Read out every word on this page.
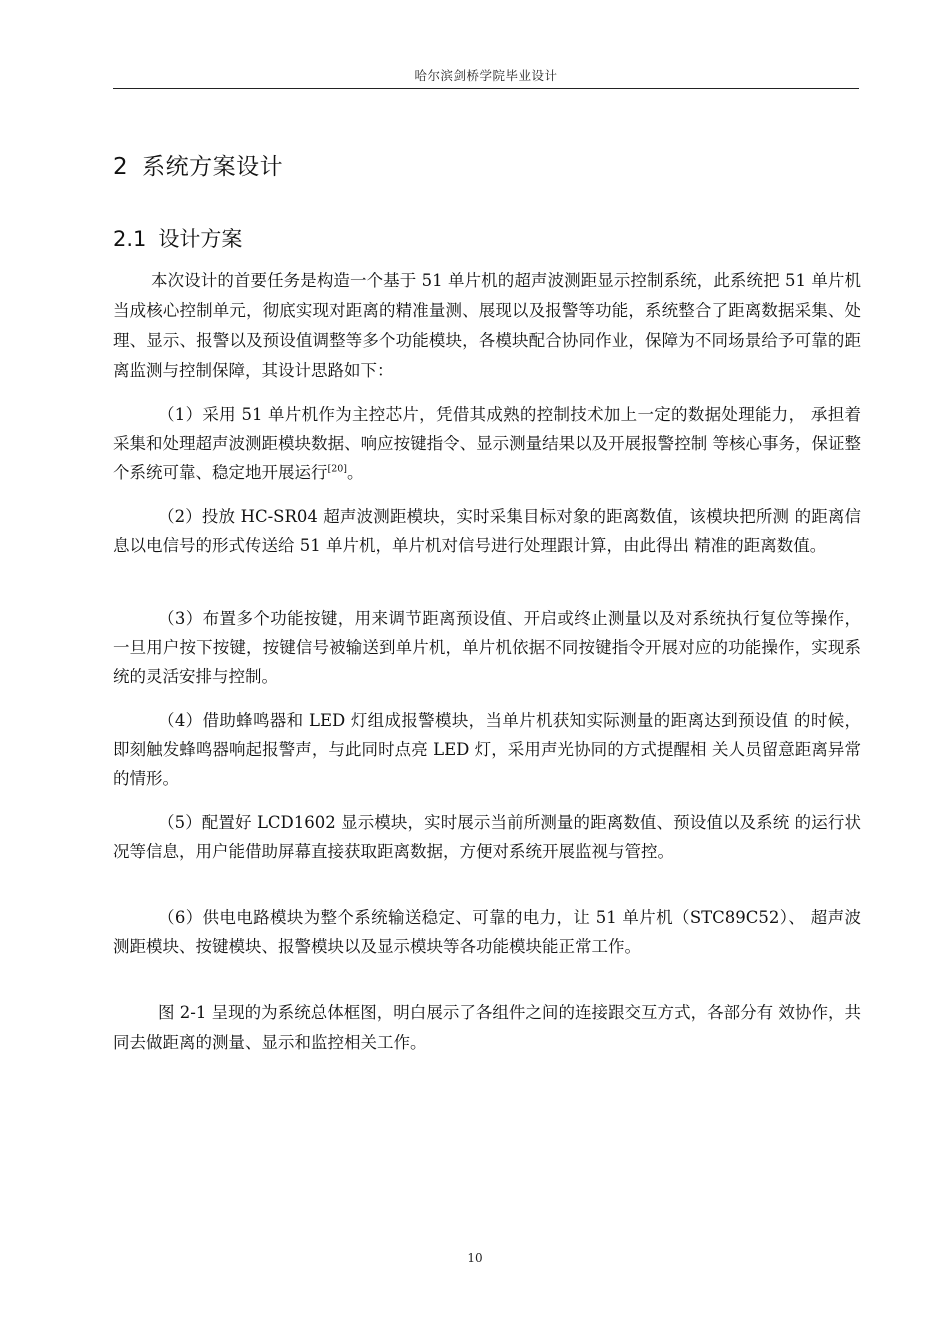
哈尔滨剑桥学院毕业设计
2 系统方案设计
2.1 设计方案

本次设计的首要任务是构造一个基于 51 单片机的超声波测距显示控制系统，此系统把 51 单片机当成核心控制单元，彻底实现对距离的精准量测、展现以及报警等功能，系统整合了距离数据采集、处理、显示、报警以及预设值调整等多个功能模块，各模块配合协同作业，保障为不同场景给予可靠的距离监测与控制保障，其设计思路如下：

（1）采用 51 单片机作为主控芯片，凭借其成熟的控制技术加上一定的数据处理能力， 承担着采集和处理超声波测距模块数据、响应按键指令、显示测量结果以及开展报警控制 等核心事务，保证整个系统可靠、稳定地开展运行[20]。

（2）投放 HC-SR04 超声波测距模块，实时采集目标对象的距离数值，该模块把所测 的距离信息以电信号的形式传送给 51 单片机，单片机对信号进行处理跟计算，由此得出 精准的距离数值。

（3）布置多个功能按键，用来调节距离预设值、开启或终止测量以及对系统执行复位等操作，一旦用户按下按键，按键信号被输送到单片机，单片机依据不同按键指令开展对应的功能操作，实现系统的灵活安排与控制。

（4）借助蜂鸣器和 LED 灯组成报警模块，当单片机获知实际测量的距离达到预设值 的时候，即刻触发蜂鸣器响起报警声，与此同时点亮 LED 灯，采用声光协同的方式提醒相 关人员留意距离异常的情形。

（5）配置好 LCD1602 显示模块，实时展示当前所测量的距离数值、预设值以及系统 的运行状况等信息，用户能借助屏幕直接获取距离数据，方便对系统开展监视与管控。

（6）供电电路模块为整个系统输送稳定、可靠的电力，让 51 单片机（STC89C52）、 超声波测距模块、按键模块、报警模块以及显示模块等各功能模块能正常工作。

图 2-1 呈现的为系统总体框图，明白展示了各组件之间的连接跟交互方式，各部分有 效协作，共同去做距离的测量、显示和监控相关工作。

10
